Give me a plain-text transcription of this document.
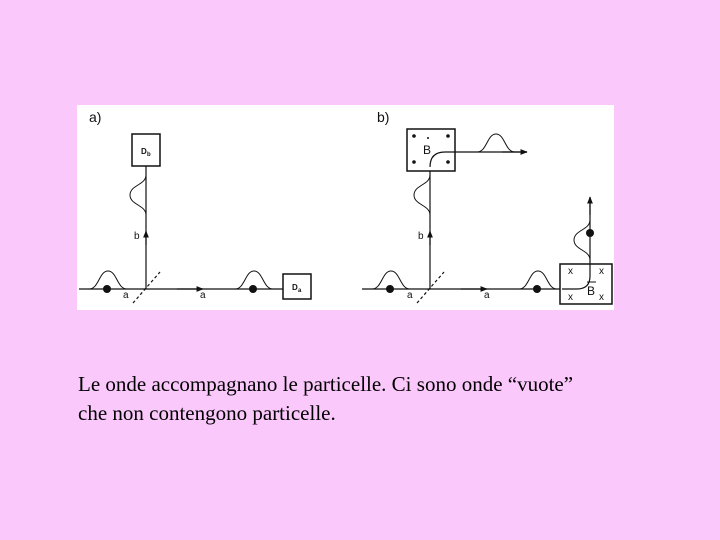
a)
D b
D a
b
a	a
b)
B
x	x
x	x
B
b
a	a
Le onde accompagnano le particelle. Ci sono onde “vuote”
che non contengono particelle.
